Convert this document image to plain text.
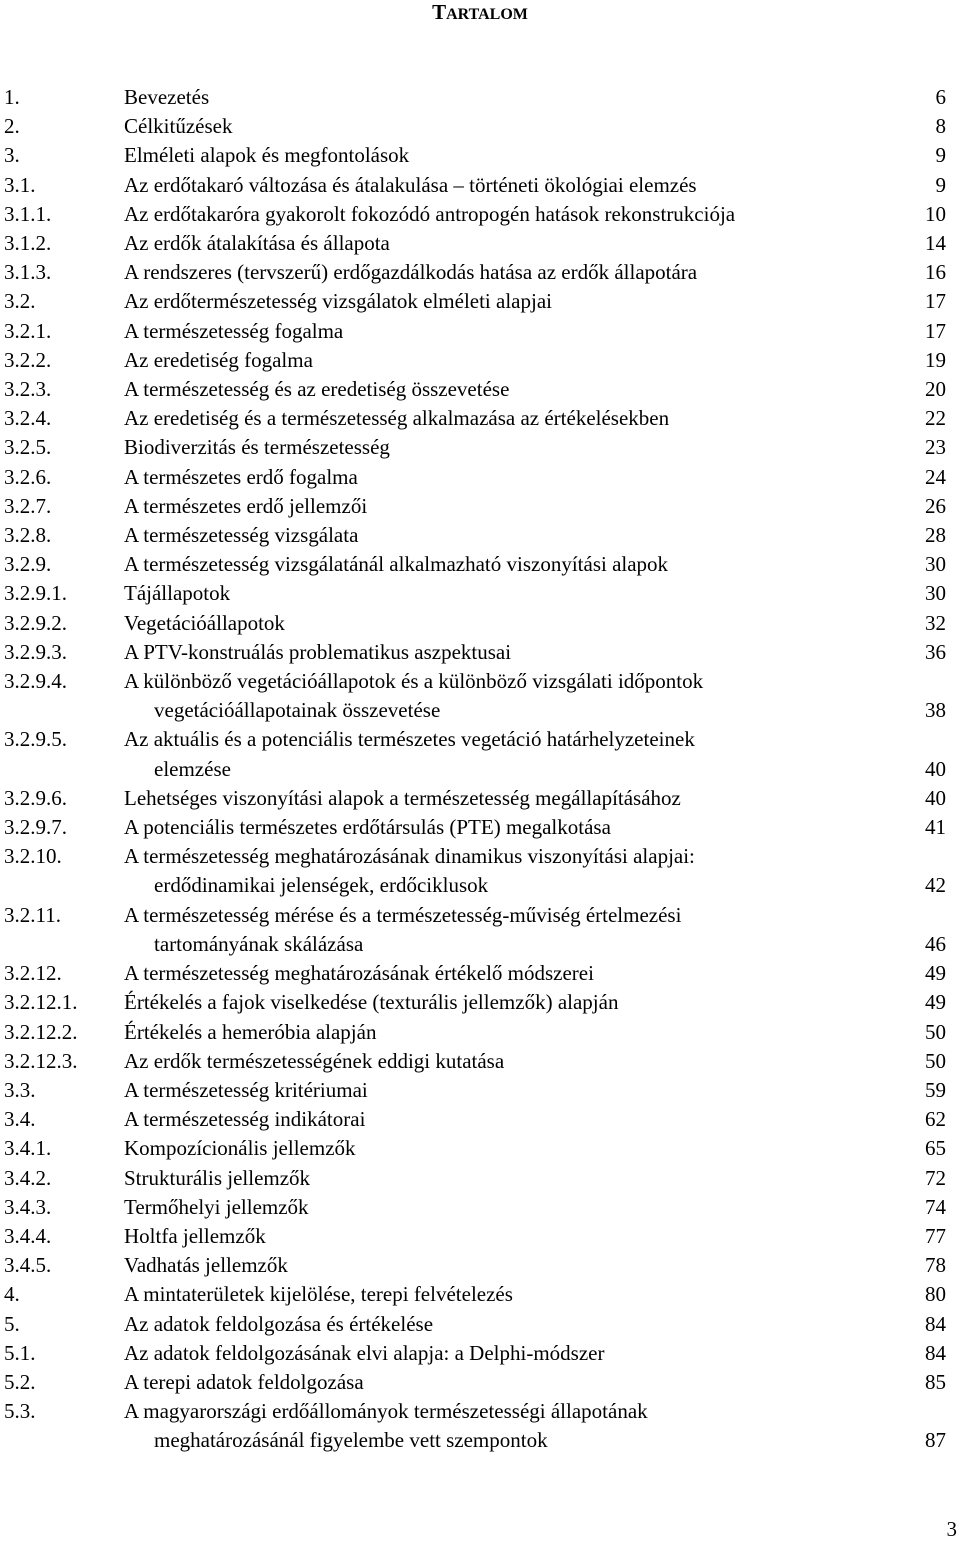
TARTALOM
1.	Bevezetés	6
2.	Célkitűzések	8
3.	Elméleti alapok és megfontolások	9
3.1.	Az erdőtakaró változása és átalakulása – történeti ökológiai elemzés	9
3.1.1.	Az erdőtakaróra gyakorolt fokozódó antropogén hatások rekonstrukciója	10
3.1.2.	Az erdők átalakítása és állapota	14
3.1.3.	A rendszeres (tervszerű) erdőgazdálkodás hatása az erdők állapotára	16
3.2.	Az erdőtermészetesség vizsgálatok elméleti alapjai	17
3.2.1.	A természetesség fogalma	17
3.2.2.	Az eredetiség fogalma	19
3.2.3.	A természetesség és az eredetiség összevetése	20
3.2.4.	Az eredetiség és a természetesség alkalmazása az értékelésekben	22
3.2.5.	Biodiverzitás és természetesség	23
3.2.6.	A természetes erdő fogalma	24
3.2.7.	A természetes erdő jellemzői	26
3.2.8.	A természetesség vizsgálata	28
3.2.9.	A természetesség vizsgálatánál alkalmazható viszonyítási alapok	30
3.2.9.1.	Tájállapotok	30
3.2.9.2.	Vegetációállapotok	32
3.2.9.3.	A PTV-konstruálás problematikus aszpektusai	36
3.2.9.4.	A különböző vegetációállapotok és a különböző vizsgálati időpontok
vegetációállapotainak összevetése	38
3.2.9.5.	Az aktuális és a potenciális természetes vegetáció határhelyzeteinek
elemzése	40
3.2.9.6.	Lehetséges viszonyítási alapok a természetesség megállapításához	40
3.2.9.7.	A potenciális természetes erdőtársulás (PTE) megalkotása	41
3.2.10.	A természetesség meghatározásának dinamikus viszonyítási alapjai:
erdődinamikai jelenségek, erdőciklusok	42
3.2.11.	A természetesség mérése és a természetesség-műviség értelmezési
tartományának skálázása	46
3.2.12.	A természetesség meghatározásának értékelő módszerei	49
3.2.12.1. Értékelés a fajok viselkedése (texturális jellemzők) alapján	49
3.2.12.2. Értékelés a hemeróbia alapján	50
3.2.12.3. Az erdők természetességének eddigi kutatása	50
3.3.	A természetesség kritériumai	59
3.4.	A természetesség indikátorai	62
3.4.1.	Kompozícionális jellemzők	65
3.4.2.	Strukturális jellemzők	72
3.4.3.	Termőhelyi jellemzők	74
3.4.4.	Holtfa jellemzők	77
3.4.5.	Vadhatás jellemzők	78
4.	A mintaterületek kijelölése, terepi felvételezés	80
5.	Az adatok feldolgozása és értékelése	84
5.1.	Az adatok feldolgozásának elvi alapja: a Delphi-módszer	84
5.2.	A terepi adatok feldolgozása	85
5.3.	A magyarországi erdőállományok természetességi állapotának
meghatározásánál figyelembe vett szempontok	87
3
